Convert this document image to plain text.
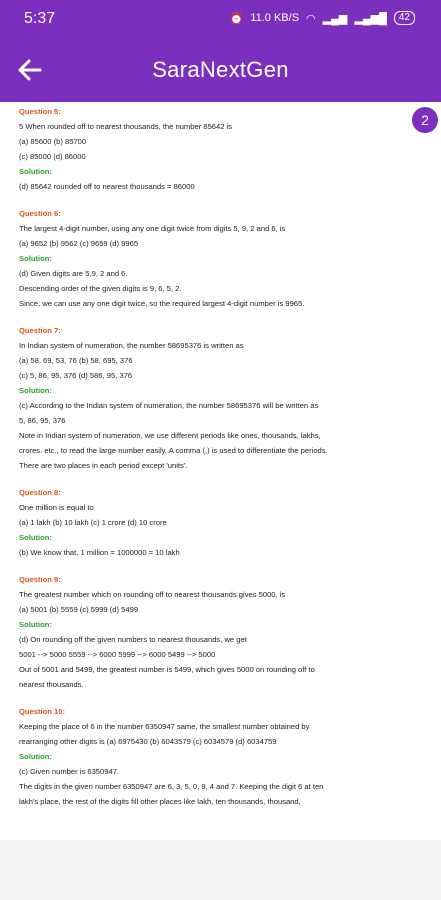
5:37	⏰ 11.0 KB/S ◠ ▂▄▆ ▂▄▆█	42
SaraNextGen
2
Question 5:
5 When rounded off to nearest thousands, the number 85642 is
(a) 85600 (b) 85700
(c) 85000 (d) 86000
Solution:
(d) 85642 rounded off to nearest thousands = 86000
Question 6:
The largest 4-digit number, using any one digit twice from digits 5, 9, 2 and 6, is
(a) 9652 (b) 9562 (c) 9659 (d) 9965
Solution:
(d) Given digits are 5,9, 2 and 6.
Descending order of the given digits is 9, 6, 5, 2.
Since, we can use any one digit twice, so the required largest 4-digit number is 9965.
Question 7:
In Indian system of numeration, the number 58695376 is written as
(a) 58, 69, 53, 76 (b) 58, 695, 376
(c) 5, 86, 95, 376 (d) 586, 95, 376
Solution:
(c) According to the Indian system of numeration, the number 58695376 will be written as
5, 86, 95, 376
Note in Indian system of numeration, we use different periods like ones, thousands, lakhs,
crores. etc., to read the large number easily. A comma (,) is used to differentiate the periods.
There are two places in each period except 'units'.
Question 8:
One million is equal to
(a) 1 lakh (b) 10 lakh (c) 1 crore (d) 10 crore
Solution:
(b) We know that, 1 million = 1000000 = 10 lakh
Question 9:
The greatest number which on rounding off to nearest thousands gives 5000, is
(a) 5001 (b) 5559 (c) 5999 (d) 5499
Solution:
(d) On rounding off the given numbers to nearest thousands, we get
5001 --> 5000 5559 --> 6000 5999 --> 6000 5499 --> 5000
Out of 5001 and 5499, the greatest number is 5499, which gives 5000 on rounding off to
nearest thousands.
Question 10:
Keeping the place of 6 in the number 6350947 same, the smallest number obtained by
rearranging other digits is (a) 6975430 (b) 6043579 (c) 6034579 (d) 6034759
Solution:
(c) Given number is 6350947.
The digits in the given number 6350947 are 6, 3, 5, 0, 9, 4 and 7. Keeping the digit 6 at ten
lakh's place, the rest of the digits fill other places like lakh, ten thousands, thousand,
